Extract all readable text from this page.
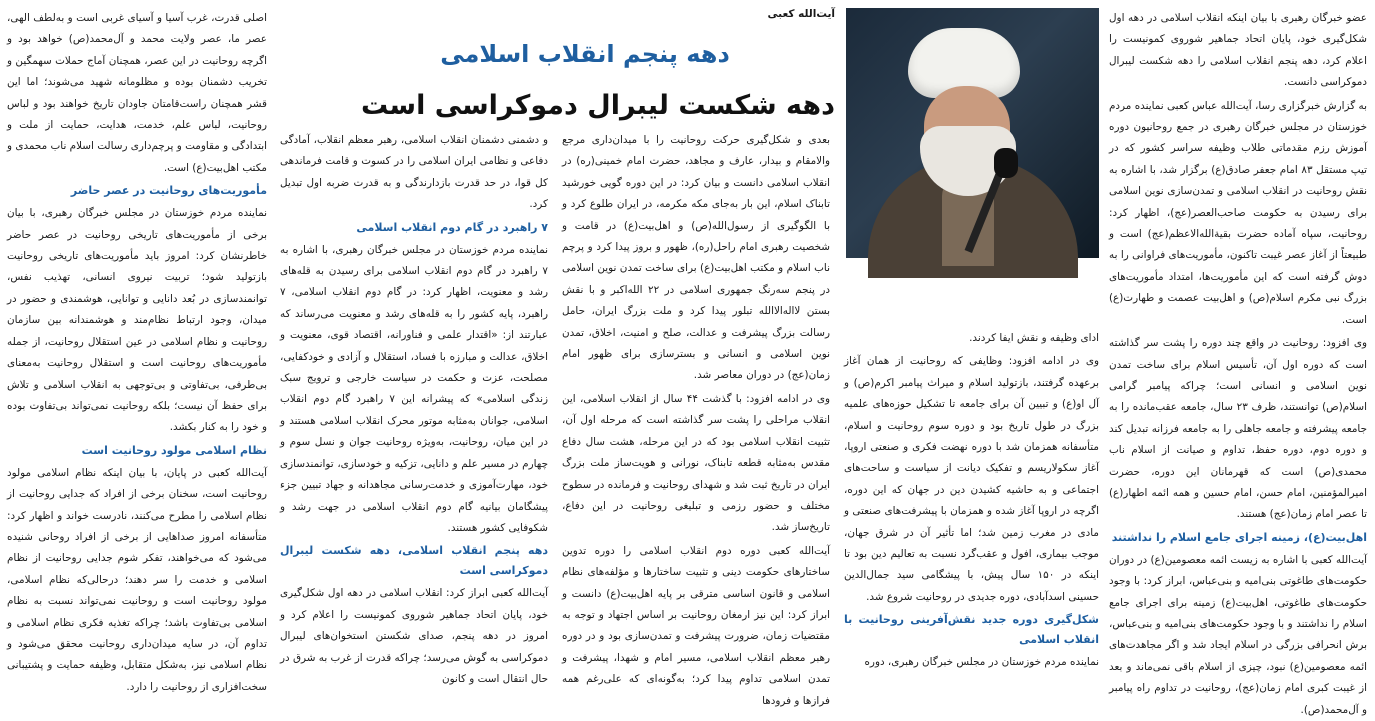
عضو خبرگان رهبری با بیان اینکه انقلاب اسلامی در دهه اول شکل‌گیری خود، پایان اتحاد جماهیر شوروی کمونیست را اعلام کرد، دهه پنجم انقلاب اسلامی را دهه شکست لیبرال دموکراسی دانست.

به گزارش خبرگزاری رسا، آیت‌الله عباس کعبی نماینده مردم خوزستان در مجلس خبرگان رهبری در جمع روحانیون دوره آموزش رزم مقدماتی طلاب وظیفه سراسر کشور که در تیپ مستقل ۸۳ امام جعفر صادق(ع) برگزار شد، با اشاره به نقش روحانیت در انقلاب اسلامی و تمدن‌سازی نوین اسلامی برای رسیدن به حکومت صاحب‌العصر(عج)، اظهار کرد: روحانیت، سپاه آماده حضرت بقیة‌الله‌الاعظم(عج) است و طبیعتاً از آغاز عصر غیبت تاکنون، مأموریت‌های فراوانی را به دوش گرفته است که این مأموریت‌ها، امتداد مأموریت‌های بزرگ نبی مکرم اسلام(ص) و اهل‌بیت عصمت و طهارت(ع) است.

وی افزود: روحانیت در واقع چند دوره را پشت سر گذاشته است که دوره اول آن، تأسیس اسلام برای ساخت تمدن نوین اسلامی و انسانی است؛ چراکه پیامبر گرامی اسلام(ص) توانستند، ظرف ۲۳ سال، جامعه عقب‌مانده را به جامعه پیشرفته و جامعه جاهلی را به جامعه فرزانه تبدیل کند و دوره دوم، دوره حفظ، تداوم و صیانت از اسلام ناب محمدی(ص) است که قهرمانان این دوره، حضرت امیرالمؤمنین، امام حسن، امام حسین و همه ائمه اطهار(ع) تا عصر امام زمان(عج) هستند.

اهل‌بیت(ع)، زمینه اجرای جامع اسلام را نداشتند

آیت‌الله کعبی با اشاره به زیست ائمه معصومین(ع) در دوران حکومت‌های طاغوتی بنی‌امیه و بنی‌عباس، ابراز کرد: با وجود حکومت‌های طاغوتی، اهل‌بیت(ع) زمینه برای اجرای جامع اسلام را نداشتند و با وجود حکومت‌های بنی‌امیه و بنی‌عباس، برش انحرافی بزرگی در اسلام ایجاد شد و اگر مجاهدت‌های ائمه معصومین(ع) نبود، چیزی از اسلام باقی نمی‌ماند و بعد از غیبت کبری امام زمان(عج)، روحانیت در تداوم راه پیامبر و آل‌محمد(ص).

آیت‌الله کعبی
دهه پنجم انقلاب اسلامی
دهه شکست لیبرال دموکراسی است

ادای وظیفه و نقش ایفا کردند.

وی در ادامه افزود: وظایفی که روحانیت از همان آغاز برعهده گرفتند، بازتولید اسلام و میراث پیامبر اکرم(ص) و آل او(ع) و تبیین آن برای جامعه تا تشکیل حوزه‌های علمیه بزرگ در طول تاریخ بود و دوره سوم روحانیت و اسلام، متأسفانه همزمان شد با دوره نهضت فکری و صنعتی اروپا، آغاز سکولاریسم و تفکیک دیانت از سیاست و ساحت‌های اجتماعی و به حاشیه کشیدن دین در جهان که این دوره، اگرچه در اروپا آغاز شده و همزمان با پیشرفت‌های صنعتی و مادی در مغرب زمین شد؛ اما تأثیر آن در شرق جهان، موجب بیماری، افول و عقب‌گرد نسبت به تعالیم دین بود تا اینکه در ۱۵۰ سال پیش، با پیشگامی سید جمال‌الدین حسینی اسدآبادی، دوره جدیدی در روحانیت شروع شد.

شکل‌گیری دوره جدید نقش‌آفرینی روحانیت با انقلاب اسلامی

نماینده مردم خوزستان در مجلس خبرگان رهبری، دوره

بعدی و شکل‌گیری حرکت روحانیت را با میدان‌داری مرجع والامقام و بیدار، عارف و مجاهد، حضرت امام خمینی(ره) در انقلاب اسلامی دانست و بیان کرد: در این دوره گویی خورشید تابناک اسلام، این بار به‌جای مکه مکرمه، در ایران طلوع کرد و با الگوگیری از رسول‌الله(ص) و اهل‌بیت(ع) در قامت و شخصیت رهبری امام راحل(ره)، ظهور و بروز پیدا کرد و پرچم ناب اسلام و مکتب اهل‌بیت(ع) برای ساخت تمدن نوین اسلامی در پنجم سه‌رنگ جمهوری اسلامی در ۲۲ الله‌اکبر و با نقش بستن لااله‌الاالله تبلور پیدا کرد و ملت بزرگ ایران، حامل رسالت بزرگ پیشرفت و عدالت، صلح و امنیت، اخلاق، تمدن نوین اسلامی و انسانی و بسترسازی برای ظهور امام زمان(عج) در دوران معاصر شد.

وی در ادامه افزود: با گذشت ۴۴ سال از انقلاب اسلامی، این انقلاب مراحلی را پشت سر گذاشته است که مرحله اول آن، تثبیت انقلاب اسلامی بود که در این مرحله، هشت سال دفاع مقدس به‌مثابه قطعه تابناک، نورانی و هویت‌ساز ملت بزرگ ایران در تاریخ ثبت شد و شهدای روحانیت و فرمانده در سطوح مختلف و حضور رزمی و تبلیغی روحانیت در این دفاع، تاریخ‌ساز شد.

آیت‌الله کعبی دوره دوم انقلاب اسلامی را دوره تدوین ساختارهای حکومت دینی و تثبیت ساختارها و مؤلفه‌های نظام اسلامی و قانون اساسی مترقی بر پایه اهل‌بیت(ع) دانست و ابراز کرد: این نیز ارمغان روحانیت بر اساس اجتهاد و توجه به مقتضیات زمان، ضرورت پیشرفت و تمدن‌سازی بود و در دوره رهبر معظم انقلاب اسلامی، مسیر امام و شهدا، پیشرفت و تمدن اسلامی تداوم پیدا کرد؛ به‌گونه‌ای که علی‌رغم همه فرازها و فرودها

و دشمنی دشمنان انقلاب اسلامی، رهبر معظم انقلاب، آمادگی دفاعی و نظامی ایران اسلامی را در کسوت و قامت فرماندهی کل قوا، در حد قدرت بازدارندگی و به قدرت ضربه اول تبدیل کرد.

۷ راهبرد در گام دوم انقلاب اسلامی

نماینده مردم خوزستان در مجلس خبرگان رهبری، با اشاره به ۷ راهبرد در گام دوم انقلاب اسلامی برای رسیدن به قله‌های رشد و معنویت، اظهار کرد: در گام دوم انقلاب اسلامی، ۷ راهبرد، پایه کشور را به قله‌های رشد و معنویت می‌رساند که عبارتند از: «اقتدار علمی و فناورانه، اقتصاد قوی، معنویت و اخلاق، عدالت و مبارزه با فساد، استقلال و آزادی و خودکفایی، مصلحت، عزت و حکمت در سیاست خارجی و ترویج سبک زندگی اسلامی» که پیشرانه این ۷ راهبرد گام دوم انقلاب اسلامی، جوانان به‌مثابه موتور محرک انقلاب اسلامی هستند و در این میان، روحانیت، به‌ویژه روحانیت جوان و نسل سوم و چهارم در مسیر علم و دانایی، تزکیه و خودسازی، توانمندسازی خود، مهارت‌آموزی و خدمت‌رسانی مجاهدانه و جهاد تبیین جزء پیشگامان بیانیه گام دوم انقلاب اسلامی در جهت رشد و شکوفایی کشور هستند.

دهه پنجم انقلاب اسلامی، دهه شکست لیبرال دموکراسی است

آیت‌الله کعبی ابراز کرد: انقلاب اسلامی در دهه اول شکل‌گیری خود، پایان اتحاد جماهیر شوروی کمونیست را اعلام کرد و امروز در دهه پنجم، صدای شکستن استخوان‌های لیبرال دموکراسی به گوش می‌رسد؛ چراکه قدرت از غرب به شرق در حال انتقال است و کانون

اصلی قدرت، غرب آسیا و آسیای غربی است و به‌لطف الهی، عصر ما، عصر ولایت محمد و آل‌محمد(ص) خواهد بود و اگرچه روحانیت در این عصر، همچنان آماج حملات سهمگین و تخریب دشمنان بوده و مظلومانه شهید می‌شوند؛ اما این قشر همچنان راست‌قامتان جاودان تاریخ خواهند بود و لباس روحانیت، لباس علم، خدمت، هدایت، حمایت از ملت و ابتدادگی و مقاومت و پرچم‌داری رسالت اسلام ناب محمدی و مکتب اهل‌بیت(ع) است.

مأموریت‌های روحانیت در عصر حاضر

نماینده مردم خوزستان در مجلس خبرگان رهبری، با بیان برخی از مأموریت‌های تاریخی روحانیت در عصر حاضر خاطرنشان کرد: امروز باید مأموریت‌های تاریخی روحانیت بازتولید شود؛ تربیت نیروی انسانی، تهذیب نفس، توانمندسازی در بُعد دانایی و توانایی، هوشمندی و حضور در میدان، وجود ارتباط نظام‌مند و هوشمندانه بین سازمان روحانیت و نظام اسلامی در عین استقلال روحانیت، از جمله مأموریت‌های روحانیت است و استقلال روحانیت به‌معنای بی‌طرفی، بی‌تفاوتی و بی‌توجهی به انقلاب اسلامی و تلاش برای حفظ آن نیست؛ بلکه روحانیت نمی‌تواند بی‌تفاوت بوده و خود را به کنار بکشد.

نظام اسلامی مولود روحانیت است

آیت‌الله کعبی در پایان، با بیان اینکه نظام اسلامی مولود روحانیت است، سخنان برخی از افراد که جدایی روحانیت از نظام اسلامی را مطرح می‌کنند، نادرست خواند و اظهار کرد: متأسفانه امروز صداهایی از برخی از افراد روحانی شنیده می‌شود که می‌خواهند، تفکر شوم جدایی روحانیت از نظام اسلامی و خدمت را سر دهند؛ درحالی‌که نظام اسلامی، مولود روحانیت است و روحانیت نمی‌تواند نسبت به نظام اسلامی بی‌تفاوت باشد؛ چراکه تغذیه فکری نظام اسلامی و تداوم آن، در سایه میدان‌داری روحانیت محقق می‌شود و نظام اسلامی نیز، به‌شکل متقابل، وظیفه حمایت و پشتیبانی سخت‌افزاری از روحانیت را دارد.
